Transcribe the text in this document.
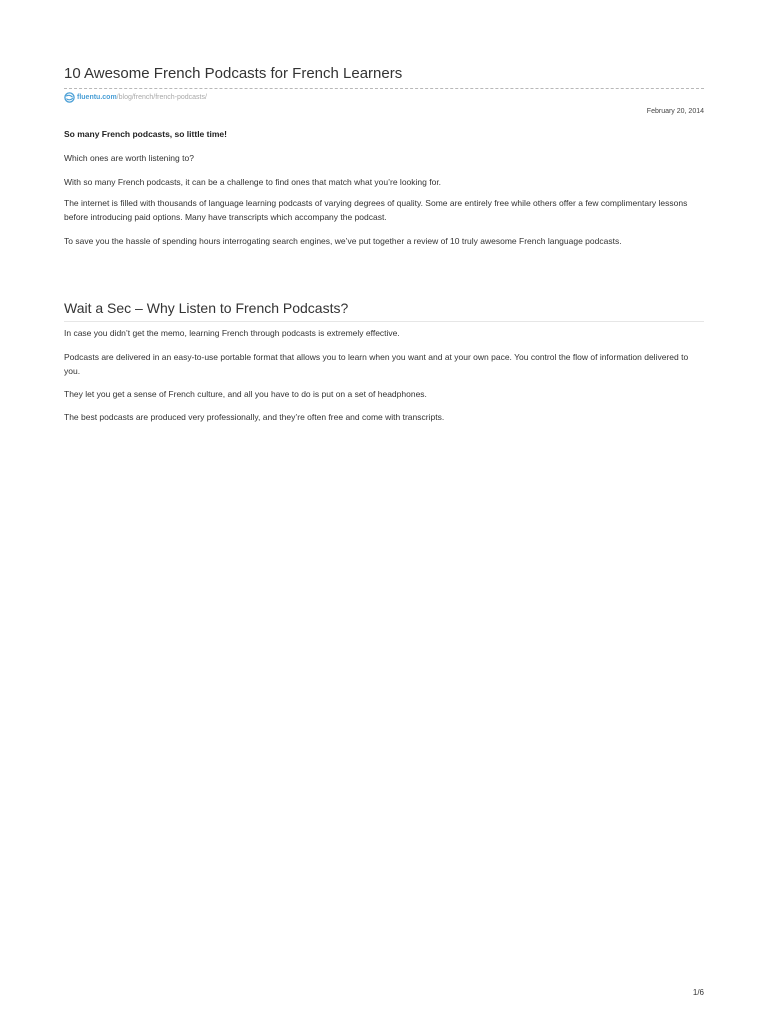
10 Awesome French Podcasts for French Learners
fluentu.com /blog/french/french-podcasts/
February 20, 2014

So many French podcasts, so little time!

Which ones are worth listening to?

With so many French podcasts, it can be a challenge to find ones that match what you’re looking for.

The internet is filled with thousands of language learning podcasts of varying degrees of quality. Some are entirely free while others offer a few complimentary lessons before introducing paid options. Many have transcripts which accompany the podcast.

To save you the hassle of spending hours interrogating search engines, we’ve put together a review of 10 truly awesome French language podcasts.

Wait a Sec – Why Listen to French Podcasts?

In case you didn’t get the memo, learning French through podcasts is extremely effective.

Podcasts are delivered in an easy-to-use portable format that allows you to learn when you want and at your own pace. You control the flow of information delivered to you.

They let you get a sense of French culture, and all you have to do is put on a set of headphones.

The best podcasts are produced very professionally, and they’re often free and come with transcripts.

1/6
